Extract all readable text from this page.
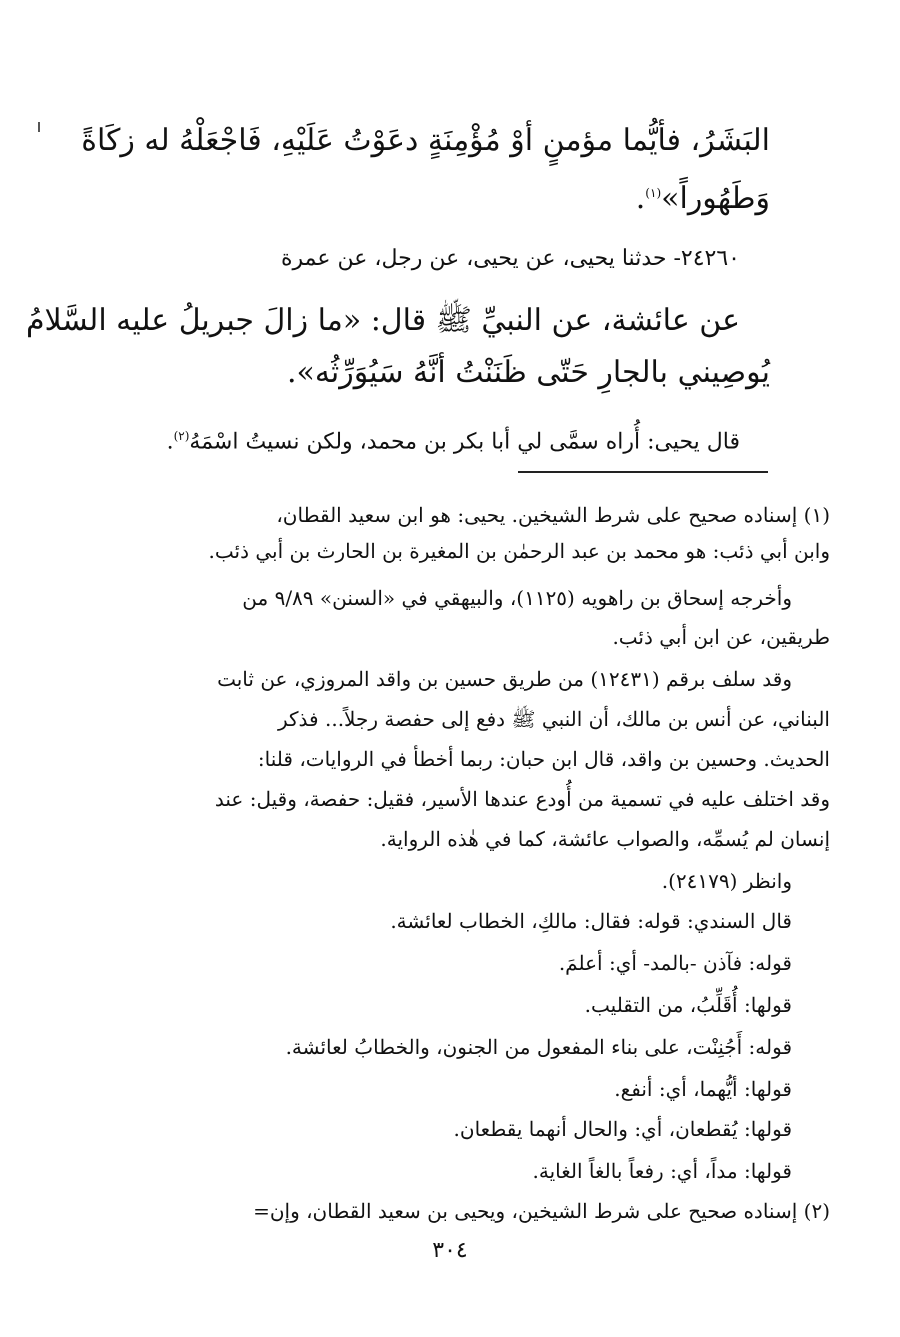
البَشَرُ، فأيُّما مؤمنٍ أوْ مُؤْمِنَةٍ دعَوْتُ عَلَيْهِ، فَاجْعَلْهُ له زكَاةً
وَطَهُوراً»$^{(١)}$.
٢٤٢٦٠- حدثنا يحيى، عن يحيى، عن رجل، عن عمرة
عن عائشة، عن النبيِّ ﷺ قال: «ما زالَ جبريلُ عليه السَّلامُ
يُوصِيني بالجارِ حَتّى ظَنَنْتُ أنَّهُ سَيُوَرِّثُه».
قال يحيى: أُراه سمَّى لي أبا بكر بن محمد، ولكن نسيتُ اسْمَهُ$^{(٢)}$.
(١) إسناده صحيح على شرط الشيخين. يحيى: هو ابن سعيد القطان،
وابن أبي ذئب: هو محمد بن عبد الرحمٰن بن المغيرة بن الحارث بن أبي ذئب.
وأخرجه إسحاق بن راهويه (١١٢٥)، والبيهقي في «السنن» ٩/٨٩ من
طريقين، عن ابن أبي ذئب.
وقد سلف برقم (١٢٤٣١) من طريق حسين بن واقد المروزي، عن ثابت
البناني، عن أنس بن مالك، أن النبي ﷺ دفع إلى حفصة رجلاً... فذكر
الحديث. وحسين بن واقد، قال ابن حبان: ربما أخطأ في الروايات، قلنا:
وقد اختلف عليه في تسمية من أُودع عندها الأسير، فقيل: حفصة، وقيل: عند
إنسان لم يُسمِّه، والصواب عائشة، كما في هٰذه الرواية.
وانظر (٢٤١٧٩).
قال السندي: قوله: فقال: مالكِ، الخطاب لعائشة.
قوله: فآذن -بالمد- أي: أعلمَ.
قولها: أُقَلِّبُ، من التقليب.
قوله: أَجُنِنْت، على بناء المفعول من الجنون، والخطابُ لعائشة.
قولها: أيُّهما، أي: أنفع.
قولها: يُقطعان، أي: والحال أنهما يقطعان.
قولها: مداً، أي: رفعاً بالغاً الغاية.
(٢) إسناده صحيح على شرط الشيخين، ويحيى بن سعيد القطان، وإن=
٣٠٤
